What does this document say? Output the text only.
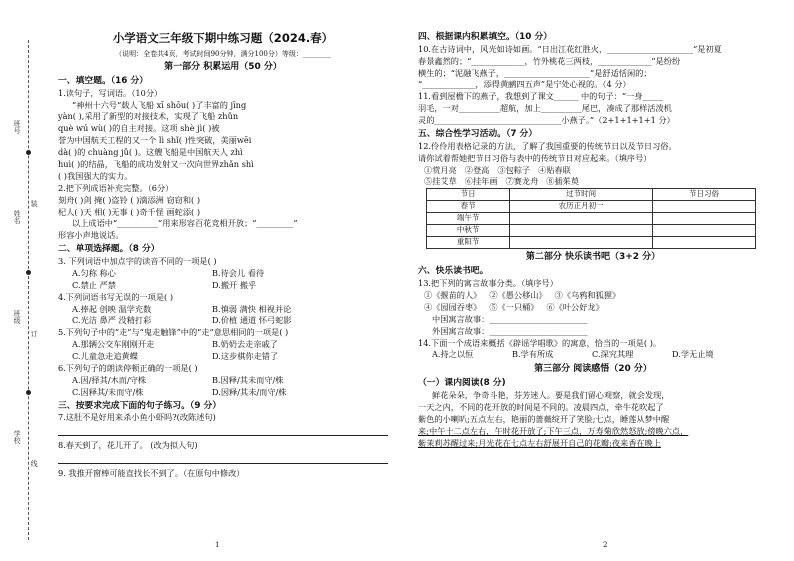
班号
姓名
班级
学校
装
订
线
小学语文三年级下期中练习题（2024.春）
（说明：全卷共4页，考试时间90分钟，满分100分）等级：________
第一部分 积累运用（50 分）
一、填空题。（16 分）

1.读句子，写词语。（10分）

“神州十六号”载人飞船 xī shōu( )了丰富的 jīng

yàn( ),采用了新型的对接技术，实现了飞船 zhǔn

què wú wù( )的自主对接。这项 shè jì( )被

誉为中国航天工程的又一个 lì shǐ( )性突破，美丽wēi

dà( )的 chuàng jǔ( )。这艘飞船是中国航天人 zhì

huì( )的结晶，飞船的成功发射又一次向世界zhǎn shì

( )我国强大的实力。

2.把下列成语补充完整。（6分）

刻舟( )剑 掩( )盗铃 ( )滴添洲 窃窃和( )

杞人( )天 相( )无事 ( )奇千怪 画蛇添( )

以上成语中“__________”用来形容百花竞相开放；“_________”

形容小声地说话。

二、单项选择题。（8 分）

3. 下列词语中加点字的读音不同的一项是( )

A.匀称 称心	B.待会儿 看待
C.禁止 严禁	D.搬开 搬乎

4.下列词语书写无误的一项是( )

A.捧起 创映 温学充数	B.慎弱 满快 相视并论
C.光洁 鼻严 没精打彩	D.价植 通道 怀弓蛇影

5.下列句子中的“走”与“鬼走触锋”中的“走”意思相同的一项是( )

A.那辆公交车刚刚开走	B.奶奶去走亲戚了
C.儿童急走追黄蝶	D.这步棋你走错了

6.下列句子的朗读停顿正确的一项是( )

A.因/择其/木而/守株	B.因释/其未而守/株
C.因释其/未而守/株	D.因释/其未/而守/株
三、按要求完成下面的句子练习。（9 分）

7.这肚不是好用来杀小鱼小虾吗?(改陈述句)

8.春天到了，花儿开了。 (改为拟人句)

9. 我推开窗棒可能直找长不到了。（在原句中修改）

1
四、根据课内积累填空。（10 分）

10.在古诗词中，风光如诗如画。“日出江花红胜火，_____________________”是初夏

春景鑫然的；“_____________，竹外桃花三两枝，_____________”是纷纷

横生的；“泥融飞燕子，_____________________”是舒适恬闲的；

“_____________，添得黄鹂四五声”是宁处心视的。（4 分）

11.看到屋檐下的燕子，我想到了课文______ 中的句子：“一身_____

羽毛，一对__________超航，加上__________尾巴，凑成了那样活泼机

灵的_______________________________小燕子。”（2+1+1+1+1 分）

五、综合性学习活动。（7 分）

12.伶伶用表格记录的方法，了解了我国重要的传统节日以及节日习俗。

请你试着帮她把节日习俗与表中的传统节日对应起来。（填序号）

①赏月亮 ②登高 ③包粽子 ④贴春联
⑤挂艾草 ⑥挂年画 ⑦赛龙舟 ⑧插茱萸
节日	过节时间	节日习俗
春节	农历正月初一	
端午节		
中秋节		
重阳节		
第二部分 快乐读书吧（3+2 分）
六、快乐读书吧。

13.把下列的寓言故事分类。（填序号）

①《揠苗的人》 ②《愚公移山》 ③《乌鸦和狐狸》
④《园园吞枣》 ⑤《一只桶》 ⑥《叶公好龙》

中国寓言故事：________________________

外国寓言故事：________________________

14.下面一个成语来概括《辟谣学唱歌》的寓意，恰当的一项是( )。

A.持之以恒	B.学有所成	C.深究其理	D.学无止境
第三部分 阅读感悟（20 分）
（一）课内阅读(8 分)

鲜花朵朵，争奇斗艳，芬芳迷人。要是我们留心观察，就会发现，

一天之内，不同的花开放的时间是不同的。凌晨四点，牵牛花吹起了

紫色的小喇叭;五点左右，艳丽的蔷薇绽开了笑脸;七点，睡莲从梦中醒

来;中午十二点左右，午时花开放了;下午三点，万寿菊欣然怒放;傍晚六点，

紫茉莉苏醒过来;月光花在七点左右舒展开自己的花瓣;夜来香在晚上

2
